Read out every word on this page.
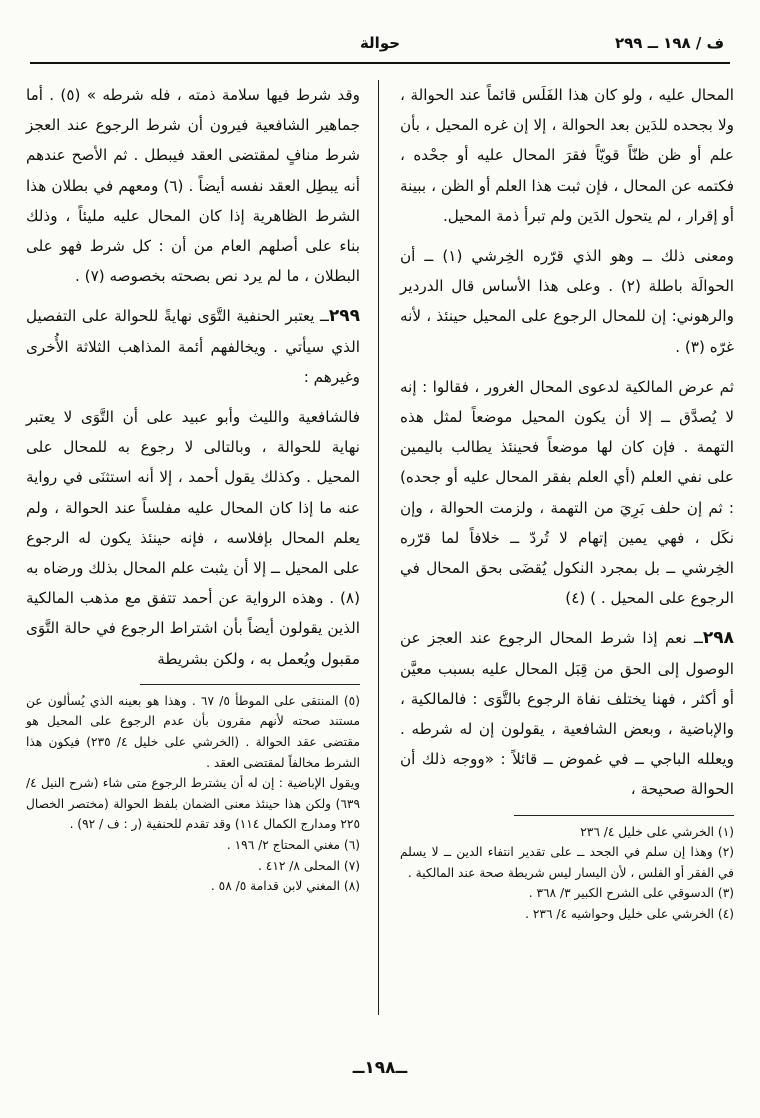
ف / ١٩٨ ــ ٢٩٩
حوالة

المحال عليه ، ولو كان هذا الفَلَس قائماً عند الحوالة ، ولا بجحده للدَين بعد الحوالة ، إلا إن غره المحيل ، بأن علم أو ظن ظنّاً قويّاً فقرَ المحال عليه أو جحْده ، فكتمه عن المحال ، فإن ثبت هذا العلم أو الظن ، ببينة أو إقرار ، لم يتحول الدَين ولم تبرأ ذمة المحيل.

ومعنى ذلك ــ وهو الذي قرّره الخِرشي (١) ــ أن الحوالَة باطلة (٢) . وعلى هذا الأساس قال الدردير والرهوني: إن للمحال الرجوع على المحيل حينئذ ، لأنه غرّه (٣) .

ثم عرض المالكية لدعوى المحال الغرور ، فقالوا : إنه لا يُصدَّق ــ إلا أن يكون المحيل موضعاً لمثل هذه التهمة . فإن كان لها موضعاً فحينئذ يطالب باليمين على نفي العلم (أي العلم بفقر المحال عليه أو جحده) : ثم إن حلف بَرِيَ من التهمة ، ولزمت الحوالة ، وإن نكَل ، فهي يمين إتهام لا تُردّ ــ خلافاً لما قرّره الخِرشي ــ بل بمجرد النكول يُقضَى بحق المحال في الرجوع على المحيل . ) (٤)

٢٩٨ــ نعم إذا شرط المحال الرجوع عند العجز عن الوصول إلى الحق من قِبَل المحال عليه بسبب معيَّن أو أكثر ، فهنا يختلف نفاة الرجوع بالتَّوَى : فالمالكية ، والإباضية ، وبعض الشافعية ، يقولون إن له شرطه . ويعلله الباجي ــ في غموض ــ قائلاً : «ووجه ذلك أن الحوالة صحيحة ،

(١) الخرشي على خليل ٤/ ٢٣٦

(٢) وهذا إن سلم في الجحد ــ على تقدير انتفاء الدين ــ لا يسلم في الفقر أو الفلس ، لأن اليسار ليس شريطة صحة عند المالكية .

(٣) الدسوقي على الشرح الكبير ٣/ ٣٦٨ .

(٤) الخرشي على خليل وحواشيه ٤/ ٢٣٦ .

وقد شرط فيها سلامة ذمته ، فله شرطه » (٥) . أما جماهير الشافعية فيرون أن شرط الرجوع عند العجز شرط منافٍ لمقتضى العقد فيبطل . ثم الأصح عندهم أنه يبطِل العقد نفسه أيضاً . (٦) ومعهم في بطلان هذا الشرط الظاهرية إذا كان المحال عليه مليئاً ، وذلك بناء على أصلهم العام من أن : كل شرط فهو على البطلان ، ما لم يرد نص بصحته بخصوصه (٧) .

٢٩٩ــ يعتبر الحنفية التَّوَى نهايةً للحوالة على التفصيل الذي سيأتي . ويخالفهم أئمة المذاهب الثلاثة الأُخرى وغيرهم :

فالشافعية والليث وأبو عبيد على أن التَّوَى لا يعتبر نهاية للحوالة ، وبالتالى لا رجوع به للمحال على المحيل . وكذلك يقول أحمد ، إلا أنه استثنَى في رواية عنه ما إذا كان المحال عليه مفلساً عند الحوالة ، ولم يعلم المحال بإفلاسه ، فإنه حينئذ يكون له الرجوع على المحيل ــ إلا أن يثبت علم المحال بذلك ورضاه به (٨) . وهذه الرواية عن أحمد تتفق مع مذهب المالكية الذين يقولون أيضاً بأن اشتراط الرجوع في حالة التَّوَى مقبول ويُعمل به ، ولكن بشريطة

(٥) المنتقى على الموطأ ٥/ ٦٧ . وهذا هو بعينه الذي يُسألون عن مستند صحته لأنهم مقرون بأن عدم الرجوع على المحيل هو مقتضى عقد الحوالة . (الخرشي على خليل ٤/ ٢٣٥) فيكون هذا الشرط مخالفاً لمقتضى العقد .

ويقول الإباضية : إن له أن يشترط الرجوع متى شاء (شرح النيل ٤/ ٦٣٩) ولكن هذا حينئذ معنى الضمان بلفظ الحوالة (مختصر الخصال ٢٢٥ ومدارج الكمال ١١٤) وقد تقدم للحنفية (ر : ف / ٩٢) .

(٦) مغني المحتاج ٢/ ١٩٦ .

(٧) المحلى ٨/ ٤١٢ .

(٨) المغني لابن قدامة ٥/ ٥٨ .

ــ١٩٨ــ
